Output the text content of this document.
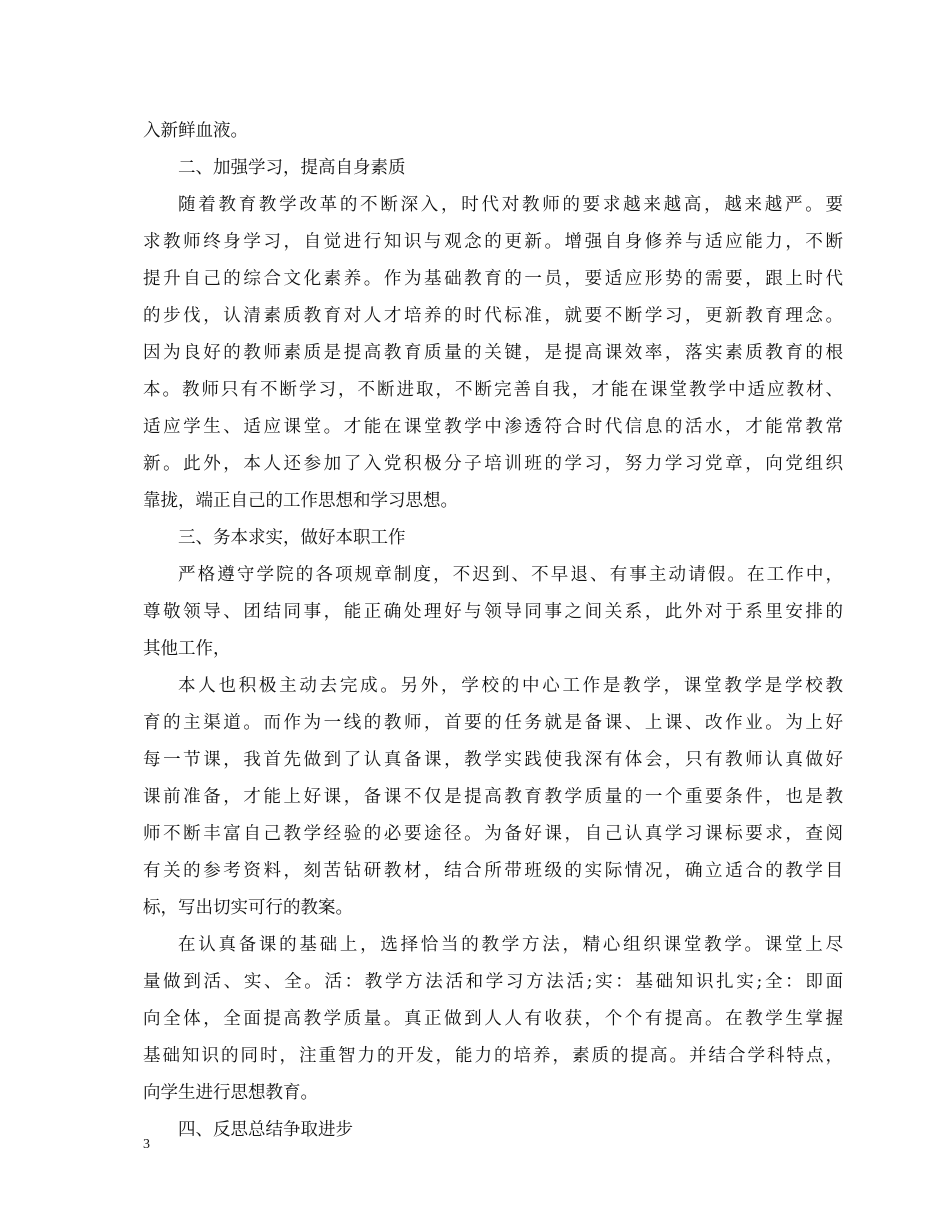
入新鲜血液。
二、加强学习，提高自身素质
随着教育教学改革的不断深入，时代对教师的要求越来越高，越来越严。要
求教师终身学习，自觉进行知识与观念的更新。增强自身修养与适应能力，不断
提升自己的综合文化素养。作为基础教育的一员，要适应形势的需要，跟上时代
的步伐，认清素质教育对人才培养的时代标准，就要不断学习，更新教育理念。
因为良好的教师素质是提高教育质量的关键，是提高课效率，落实素质教育的根
本。教师只有不断学习，不断进取，不断完善自我，才能在课堂教学中适应教材、
适应学生、适应课堂。才能在课堂教学中渗透符合时代信息的活水，才能常教常
新。此外，本人还参加了入党积极分子培训班的学习，努力学习党章，向党组织
靠拢，端正自己的工作思想和学习思想。
三、务本求实，做好本职工作
严格遵守学院的各项规章制度，不迟到、不早退、有事主动请假。在工作中，
尊敬领导、团结同事，能正确处理好与领导同事之间关系，此外对于系里安排的
其他工作，
本人也积极主动去完成。另外，学校的中心工作是教学，课堂教学是学校教
育的主渠道。而作为一线的教师，首要的任务就是备课、上课、改作业。为上好
每一节课，我首先做到了认真备课，教学实践使我深有体会，只有教师认真做好
课前准备，才能上好课，备课不仅是提高教育教学质量的一个重要条件，也是教
师不断丰富自己教学经验的必要途径。为备好课，自己认真学习课标要求，查阅
有关的参考资料，刻苦钻研教材，结合所带班级的实际情况，确立适合的教学目
标，写出切实可行的教案。
在认真备课的基础上，选择恰当的教学方法，精心组织课堂教学。课堂上尽
量做到活、实、全。活：教学方法活和学习方法活;实：基础知识扎实;全：即面
向全体，全面提高教学质量。真正做到人人有收获，个个有提高。在教学生掌握
基础知识的同时，注重智力的开发，能力的培养，素质的提高。并结合学科特点，
向学生进行思想教育。
四、反思总结争取进步
3
